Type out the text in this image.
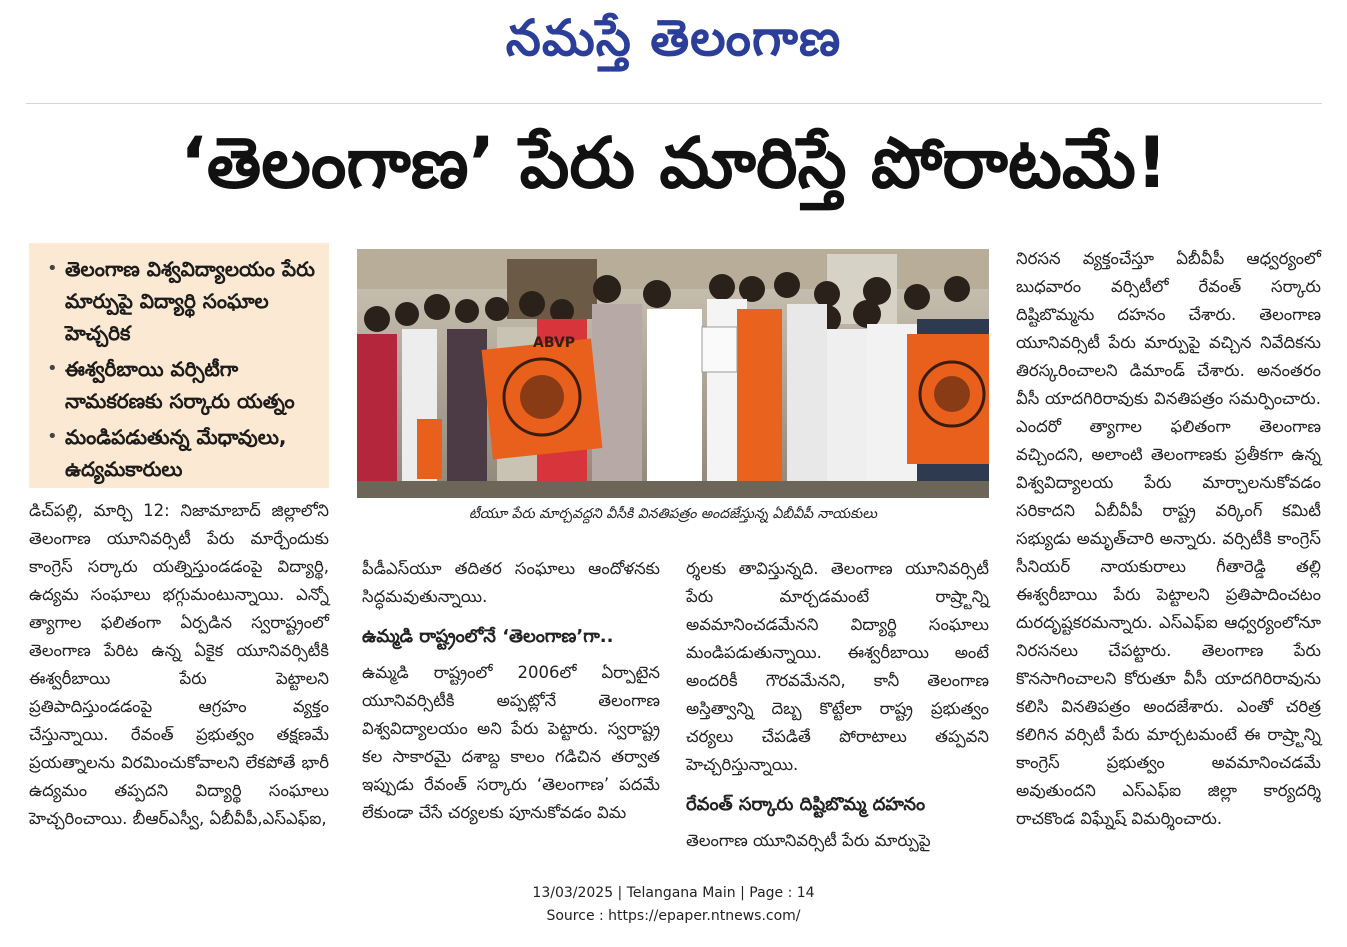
నమస్తే తెలంగాణ
‘తెలంగాణ’ పేరు మారిస్తే పోరాటమే!
• తెలంగాణ విశ్వవిద్యాలయం పేరు మార్పుపై విద్యార్థి సంఘాల హెచ్చరిక
• ఈశ్వరీబాయి వర్సిటీగా నామకరణకు సర్కారు యత్నం
• మండిపడుతున్న మేధావులు, ఉద్యమకారులు
ABVP
టీయూ పేరు మార్చవద్దని వీసీకి వినతిపత్రం అందజేస్తున్న ఏబీవీపీ నాయకులు

డిచ్‌పల్లి, మార్చి 12: నిజామాబాద్ జిల్లాలోని తెలంగాణ యూనివర్సిటీ పేరు మార్చేందుకు కాంగ్రెస్ సర్కారు యత్నిస్తుండడంపై విద్యార్థి, ఉద్యమ సంఘాలు భగ్గుమంటున్నాయి. ఎన్నో త్యాగాల ఫలితంగా ఏర్పడిన స్వరాష్ట్రంలో తెలంగాణ పేరిట ఉన్న ఏకైక యూనివర్సిటీకి ఈశ్వరీబాయి పేరు పెట్టాలని ప్రతిపాదిస్తుండడంపై ఆగ్రహం వ్యక్తం చేస్తున్నాయి. రేవంత్ ప్రభుత్వం తక్షణమే ప్రయత్నాలను విరమించుకోవాలని లేకపోతే భారీ ఉద్యమం తప్పదని విద్యార్థి సంఘాలు హెచ్చరించాయి. బీఆర్ఎస్వీ, ఏబీవీపీ,ఎస్ఎఫ్ఐ,

పీడీఎస్‌యూ తదితర సంఘాలు ఆందోళనకు సిద్ధమవుతున్నాయి.

ఉమ్మడి రాష్ట్రంలోనే ‘తెలంగాణ’గా..

ఉమ్మడి రాష్ట్రంలో 2006లో ఏర్పాటైన యూనివర్సిటీకి అప్పట్లోనే తెలంగాణ విశ్వవిద్యాలయం అని పేరు పెట్టారు. స్వరాష్ట్ర కల సాకారమై దశాబ్ద కాలం గడిచిన తర్వాత ఇప్పుడు రేవంత్ సర్కారు ‘తెలంగాణ’ పదమే లేకుండా చేసే చర్యలకు పూనుకోవడం విమ

ర్శలకు తావిస్తున్నది. తెలంగాణ యూనివర్సిటీ పేరు మార్చడమంటే రాష్ర్టాన్ని అవమానించడమేనని విద్యార్థి సంఘాలు మండిపడుతున్నాయి. ఈశ్వరీబాయి అంటే అందరికీ గౌరవమేనని, కానీ తెలంగాణ అస్తిత్వాన్ని దెబ్బ కొట్టేలా రాష్ట్ర ప్రభుత్వం చర్యలు చేపడితే పోరాటాలు తప్పవని హెచ్చరిస్తున్నాయి.

రేవంత్ సర్కారు దిష్టిబొమ్మ దహనం

తెలంగాణ యూనివర్సిటీ పేరు మార్పుపై

నిరసన వ్యక్తంచేస్తూ ఏబీవీపీ ఆధ్వర్యంలో బుధవారం వర్సిటీలో రేవంత్ సర్కారు దిష్టిబొమ్మను దహనం చేశారు. తెలంగాణ యూనివర్సిటీ పేరు మార్పుపై వచ్చిన నివేదికను తిరస్కరించాలని డిమాండ్ చేశారు. అనంతరం వీసీ యాదగిరిరావుకు వినతిపత్రం సమర్పించారు. ఎందరో త్యాగాల ఫలితంగా తెలంగాణ వచ్చిందని, అలాంటి తెలంగాణకు ప్రతీకగా ఉన్న విశ్వవిద్యాలయ పేరు మార్చాలనుకోవడం సరికాదని ఏబీవీపీ రాష్ట్ర వర్కింగ్ కమిటీ సభ్యుడు అమృత్‌చారి అన్నారు. వర్సిటీకి కాంగ్రెస్ సీనియర్ నాయకురాలు గీతారెడ్డి తల్లి ఈశ్వరీబాయి పేరు పెట్టాలని ప్రతిపాదించటం దురదృష్టకరమన్నారు. ఎస్ఎఫ్ఐ ఆధ్వర్యంలోనూ నిరసనలు చేపట్టారు. తెలంగాణ పేరు కొనసాగించాలని కోరుతూ వీసీ యాదగిరిరావును కలిసి వినతిపత్రం అందజేశారు. ఎంతో చరిత్ర కలిగిన వర్సిటీ పేరు మార్చటమంటే ఈ రాష్ర్టాన్ని కాంగ్రెస్ ప్రభుత్వం అవమానించడమే అవుతుందని ఎస్ఎఫ్ఐ జిల్లా కార్యదర్శి రాచకొండ విఘ్నేష్ విమర్శించారు.

13/03/2025 | Telangana Main | Page : 14
Source : https://epaper.ntnews.com/
